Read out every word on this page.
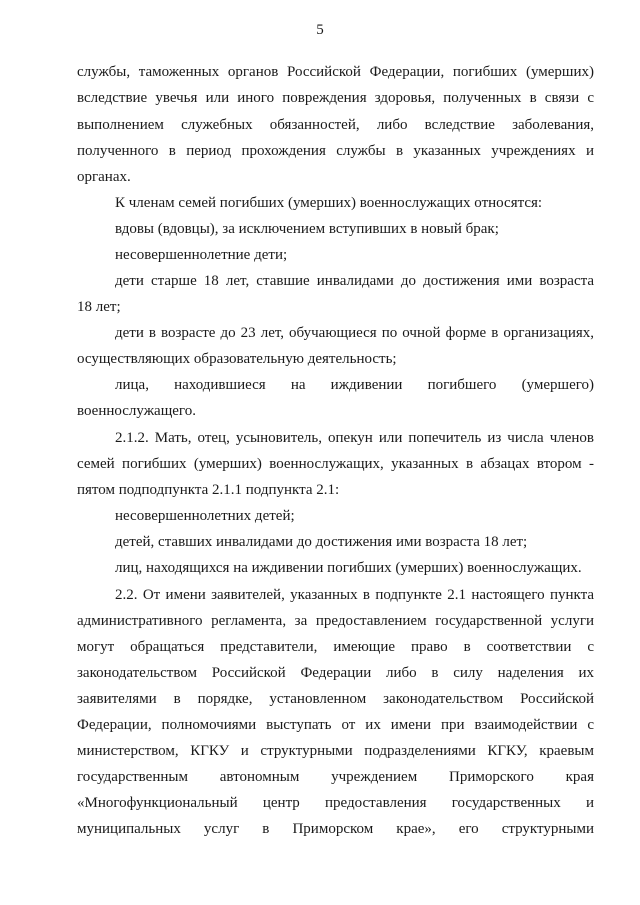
5
службы, таможенных органов Российской Федерации, погибших (умерших)
вследствие увечья или иного повреждения здоровья, полученных в связи с
выполнением служебных обязанностей, либо вследствие заболевания,
полученного в период прохождения службы в указанных учреждениях и
органах.
К членам семей погибших (умерших) военнослужащих относятся:
вдовы (вдовцы), за исключением вступивших в новый брак;
несовершеннолетние дети;
дети старше 18 лет, ставшие инвалидами до достижения ими возраста
18 лет;
дети в возрасте до 23 лет, обучающиеся по очной форме в организациях,
осуществляющих образовательную деятельность;
лица, находившиеся на иждивении погибшего (умершего)
военнослужащего.
2.1.2. Мать, отец, усыновитель, опекун или попечитель из числа членов
семей погибших (умерших) военнослужащих, указанных в абзацах втором -
пятом подподпункта 2.1.1 подпункта 2.1:
несовершеннолетних детей;
детей, ставших инвалидами до достижения ими возраста 18 лет;
лиц, находящихся на иждивении погибших (умерших) военнослужащих.
2.2. От имени заявителей, указанных в подпункте 2.1 настоящего пункта
административного регламента, за предоставлением государственной услуги
могут обращаться представители, имеющие право в соответствии с
законодательством Российской Федерации либо в силу наделения их
заявителями в порядке, установленном законодательством Российской
Федерации, полномочиями выступать от их имени при взаимодействии с
министерством, КГКУ и структурными подразделениями КГКУ, краевым
государственным автономным учреждением Приморского края
«Многофункциональный центр предоставления государственных и
муниципальных услуг в Приморском крае», его структурными
